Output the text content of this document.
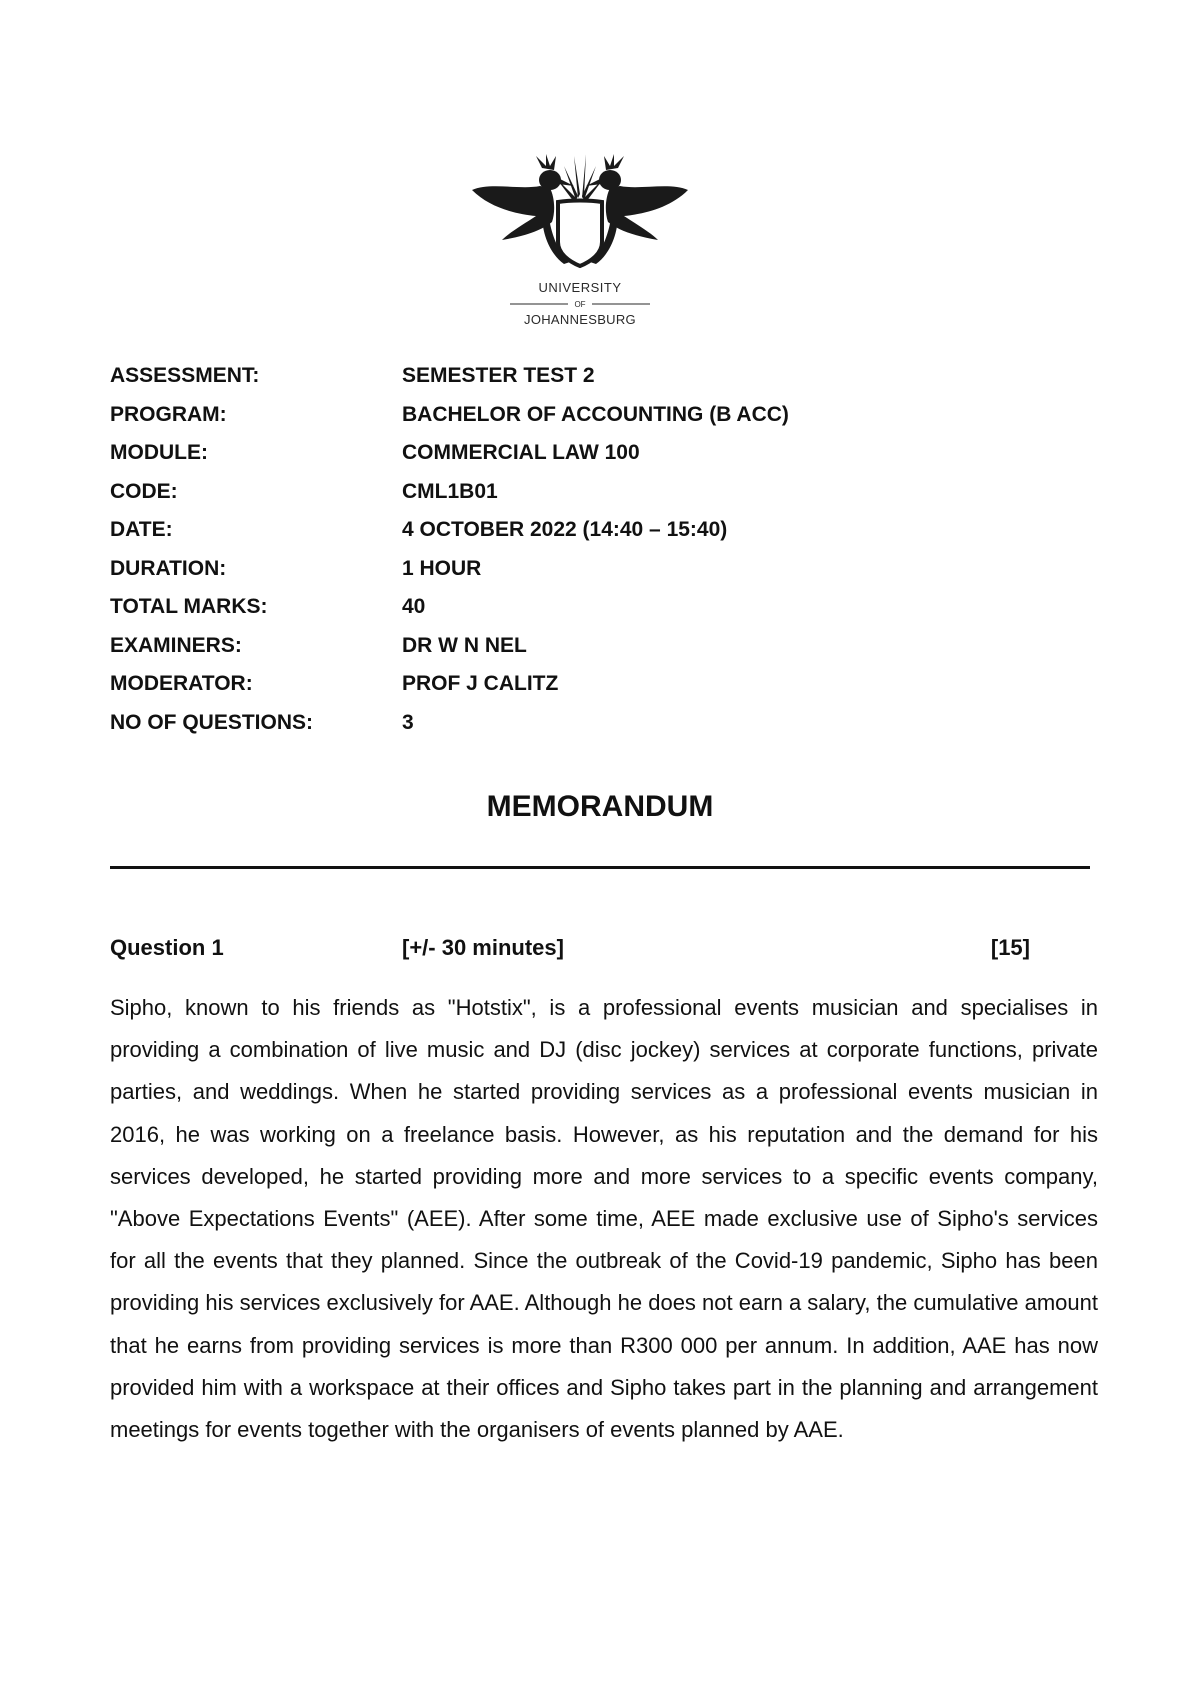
UNIVERSITY
OF
JOHANNESBURG
ASSESSMENT:	SEMESTER TEST 2
PROGRAM:	BACHELOR OF ACCOUNTING (B ACC)
MODULE:	COMMERCIAL LAW 100
CODE:	CML1B01
DATE:	4 OCTOBER 2022 (14:40 – 15:40)
DURATION:	1 HOUR
TOTAL MARKS:	40
EXAMINERS:	DR W N NEL
MODERATOR:	PROF J CALITZ
NO OF QUESTIONS:	3
MEMORANDUM
Question 1	[+/- 30 minutes]	[15]

Sipho, known to his friends as "Hotstix", is a professional events musician and specialises in providing a combination of live music and DJ (disc jockey) services at corporate functions, private parties, and weddings. When he started providing services as a professional events musician in 2016, he was working on a freelance basis. However, as his reputation and the demand for his services developed, he started providing more and more services to a specific events company, "Above Expectations Events" (AEE). After some time, AEE made exclusive use of Sipho's services for all the events that they planned. Since the outbreak of the Covid-19 pandemic, Sipho has been providing his services exclusively for AAE. Although he does not earn a salary, the cumulative amount that he earns from providing services is more than R300 000 per annum. In addition, AAE has now provided him with a workspace at their offices and Sipho takes part in the planning and arrangement meetings for events together with the organisers of events planned by AAE.
